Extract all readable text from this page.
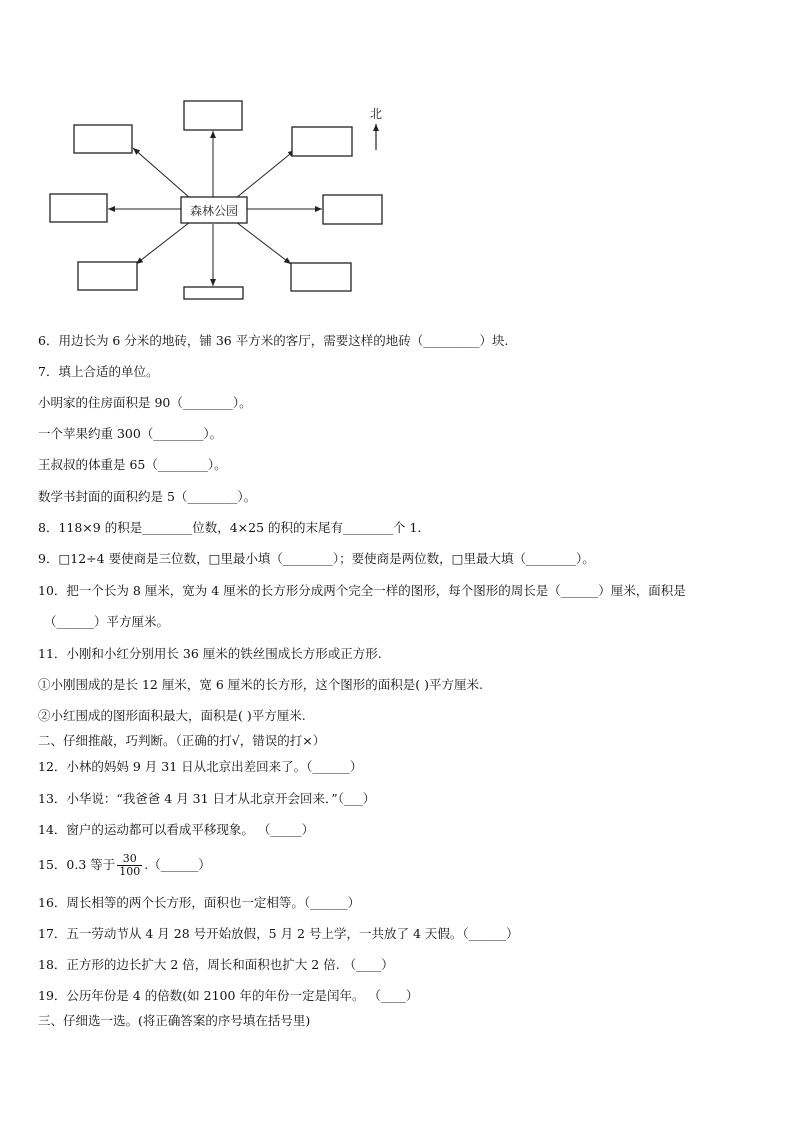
森林公园
北
6．用边长为 6 分米的地砖，铺 36 平方米的客厅，需要这样的地砖（_________）块.
7．填上合适的单位。
小明家的住房面积是 90（________）。
一个苹果约重 300（________）。
王叔叔的体重是 65（________）。
数学书封面的面积约是 5（________）。
8．118×9 的积是________位数，4×25 的积的末尾有________个 1．
9．□12÷4 要使商是三位数，□里最小填（________）；要使商是两位数，□里最大填（________）。
10．把一个长为 8 厘米，宽为 4 厘米的长方形分成两个完全一样的图形，每个图形的周长是（______）厘米，面积是
（______）平方厘米。
11．小刚和小红分别用长 36 厘米的铁丝围成长方形或正方形.
①小刚围成的是长 12 厘米，宽 6 厘米的长方形，这个图形的面积是( )平方厘米.
②小红围成的图形面积最大，面积是( )平方厘米.
二、仔细推敲，巧判断。（正确的打√，错误的打×）
12．小林的妈妈 9 月 31 日从北京出差回来了。（______）
13．小华说：“我爸爸 4 月 31 日才从北京开会回来．”（___）
14．窗户的运动都可以看成平移现象。 （_____）
15．0.3 等于 $\frac{30}{100}$ .（______）
16．周长相等的两个长方形，面积也一定相等。（______）
17．五一劳动节从 4 月 28 号开始放假，5 月 2 号上学，一共放了 4 天假。（______）
18．正方形的边长扩大 2 倍，周长和面积也扩大 2 倍. （____）
19．公历年份是 4 的倍数(如 2100 年的年份一定是闰年。 （____）
三、仔细选一选。(将正确答案的序号填在括号里)
